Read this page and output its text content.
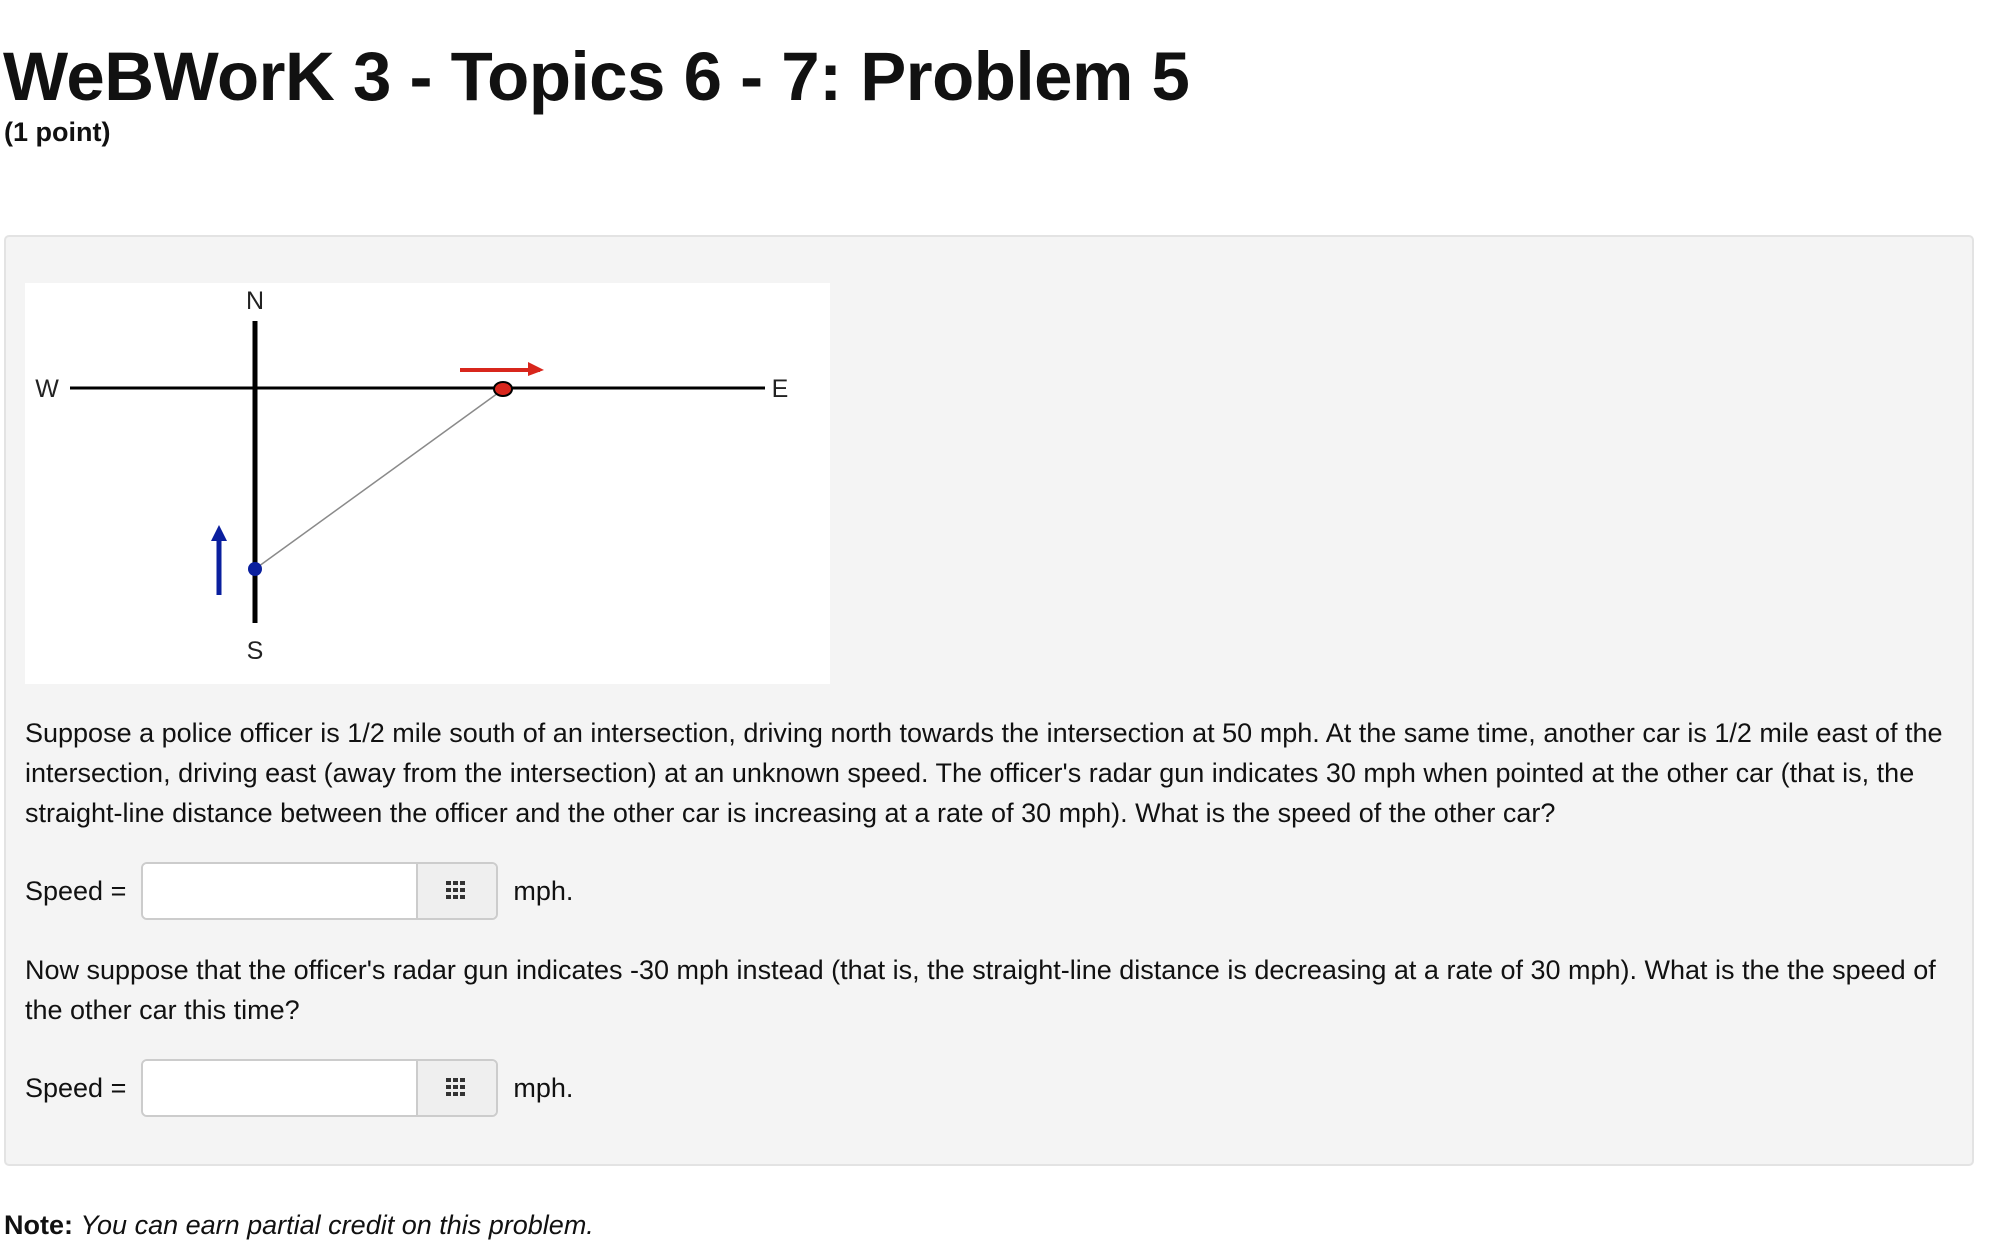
WeBWorK 3 - Topics 6 - 7: Problem 5
(1 point)
N
S
W	E

Suppose a police officer is 1/2 mile south of an intersection, driving north towards the intersection at 50 mph. At the same time, another car is 1/2 mile east of the intersection, driving east (away from the intersection) at an unknown speed. The officer's radar gun indicates 30 mph when pointed at the other car (that is, the straight-line distance between the officer and the other car is increasing at a rate of 30 mph). What is the speed of the other car?

Speed =	mph.

Now suppose that the officer's radar gun indicates -30 mph instead (that is, the straight-line distance is decreasing at a rate of 30 mph). What is the the speed of the other car this time?

Speed =	mph.
Note: You can earn partial credit on this problem.
